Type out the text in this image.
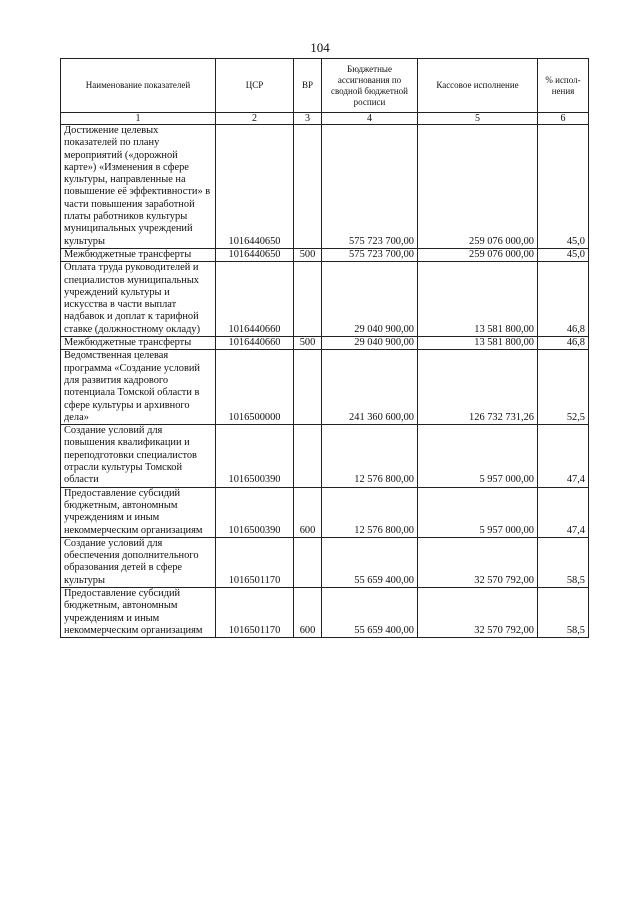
104
Наименование показателей	ЦСР	ВР	Бюджетные ассигнования по сводной бюджетной росписи	Кассовое исполнение	% испол-нения
1	2	3	4	5	6
Достижение целевых показателей по плану мероприятий («дорожной карте») «Изменения в сфере культуры, направленные на повышение её эффективности» в части повышения заработной платы работников культуры муниципальных учреждений культуры	1016440650		575 723 700,00	259 076 000,00	45,0
Межбюджетные трансферты	1016440650	500	575 723 700,00	259 076 000,00	45,0
Оплата труда руководителей и специалистов муниципальных учреждений культуры и искусства в части выплат надбавок и доплат к тарифной ставке (должностному окладу)	1016440660		29 040 900,00	13 581 800,00	46,8
Межбюджетные трансферты	1016440660	500	29 040 900,00	13 581 800,00	46,8
Ведомственная целевая программа «Создание условий для развития кадрового потенциала Томской области в сфере культуры и архивного дела»	1016500000		241 360 600,00	126 732 731,26	52,5
Создание условий для повышения квалификации и переподготовки специалистов отрасли культуры Томской области	1016500390		12 576 800,00	5 957 000,00	47,4
Предоставление субсидий бюджетным, автономным учреждениям и иным некоммерческим организациям	1016500390	600	12 576 800,00	5 957 000,00	47,4
Создание условий для обеспечения дополнительного образования детей в сфере культуры	1016501170		55 659 400,00	32 570 792,00	58,5
Предоставление субсидий бюджетным, автономным учреждениям и иным некоммерческим организациям	1016501170	600	55 659 400,00	32 570 792,00	58,5
